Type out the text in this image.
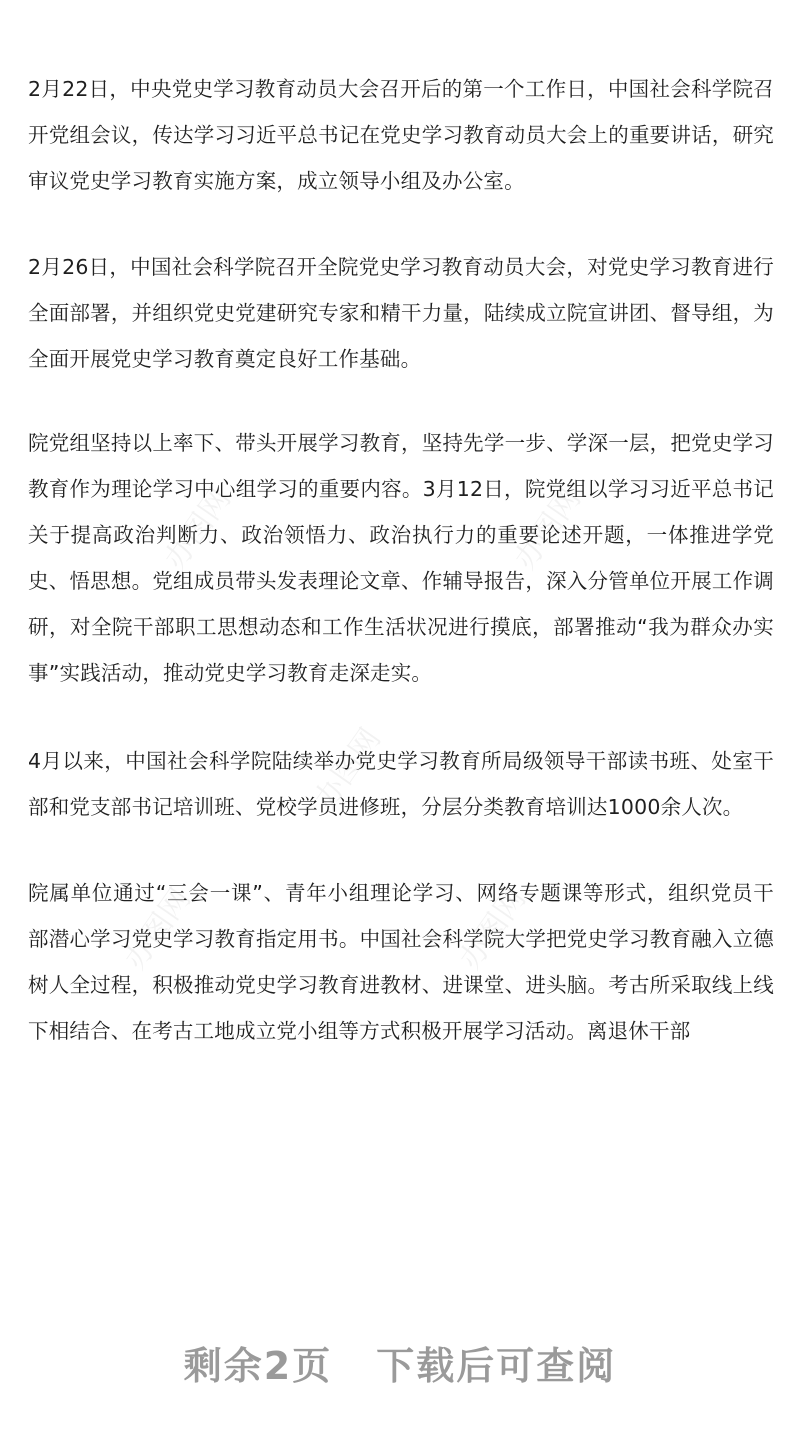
办图网	办图网
办图网
办图网	办图网

2月22日，中央党史学习教育动员大会召开后的第一个工作日，中国社会科学院召开党组会议，传达学习习近平总书记在党史学习教育动员大会上的重要讲话，研究审议党史学习教育实施方案，成立领导小组及办公室。

2月26日，中国社会科学院召开全院党史学习教育动员大会，对党史学习教育进行全面部署，并组织党史党建研究专家和精干力量，陆续成立院宣讲团、督导组，为全面开展党史学习教育奠定良好工作基础。

院党组坚持以上率下、带头开展学习教育，坚持先学一步、学深一层，把党史学习教育作为理论学习中心组学习的重要内容。3月12日，院党组以学习习近平总书记关于提高政治判断力、政治领悟力、政治执行力的重要论述开题，一体推进学党史、悟思想。党组成员带头发表理论文章、作辅导报告，深入分管单位开展工作调研，对全院干部职工思想动态和工作生活状况进行摸底，部署推动“我为群众办实事”实践活动，推动党史学习教育走深走实。

4月以来，中国社会科学院陆续举办党史学习教育所局级领导干部读书班、处室干部和党支部书记培训班、党校学员进修班，分层分类教育培训达1000余人次。

院属单位通过“三会一课”、青年小组理论学习、网络专题课等形式，组织党员干部潜心学习党史学习教育指定用书。中国社会科学院大学把党史学习教育融入立德树人全过程，积极推动党史学习教育进教材、进课堂、进头脑。考古所采取线上线下相结合、在考古工地成立党小组等方式积极开展学习活动。离退休干部

剩余2页 下载后可查阅
